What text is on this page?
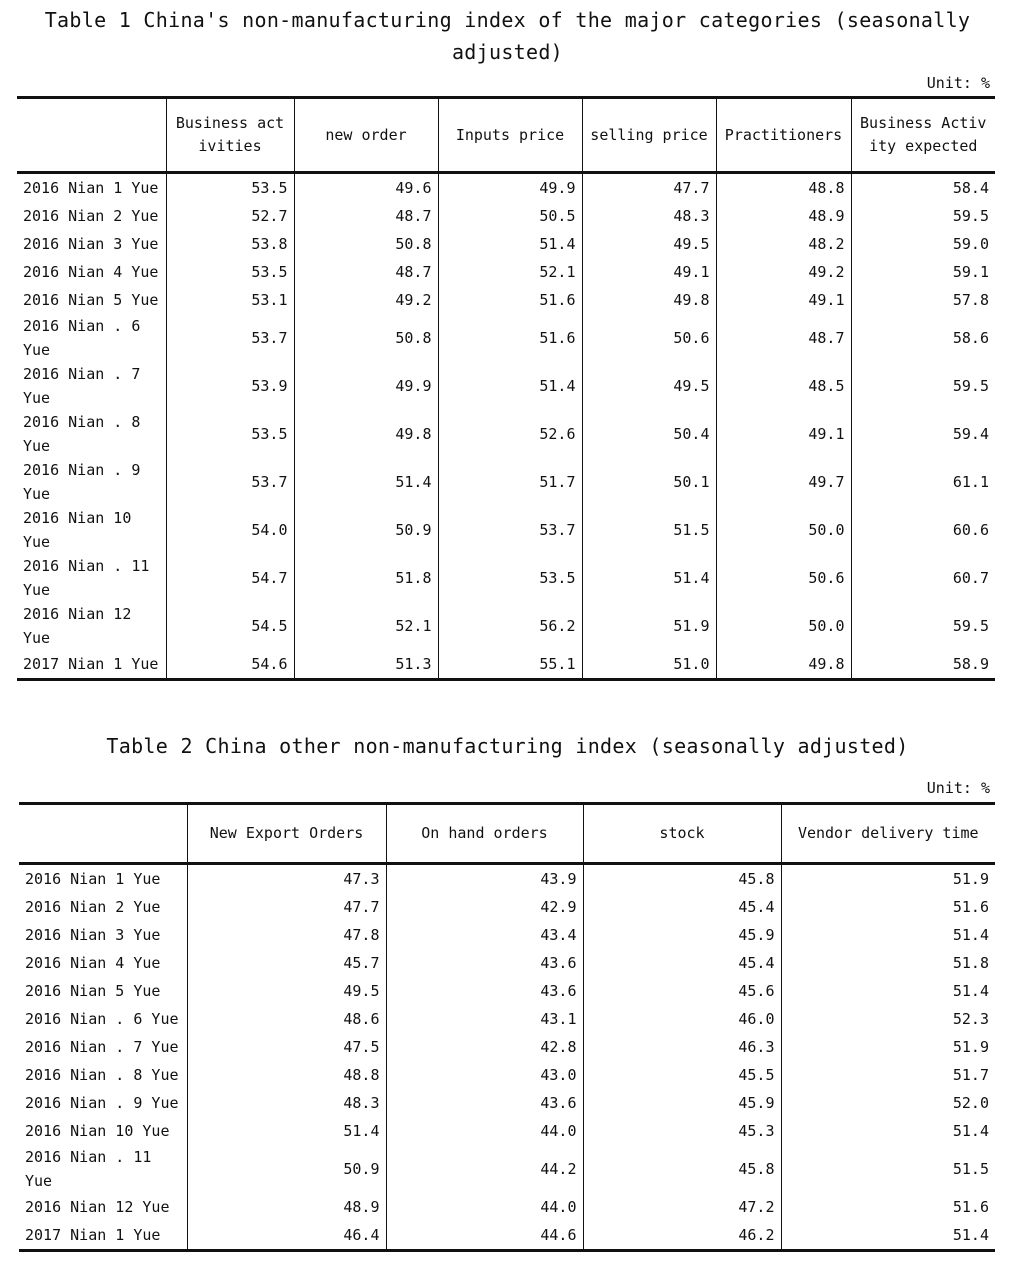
Table 1 China's non-manufacturing index of the major categories (seasonally adjusted)
Unit: %
	Business activities	new order	Inputs price	selling price	Practitioners	Business Activity expected
2016 Nian 1 Yue	53.5	49.6	49.9	47.7	48.8	58.4
2016 Nian 2 Yue	52.7	48.7	50.5	48.3	48.9	59.5
2016 Nian 3 Yue	53.8	50.8	51.4	49.5	48.2	59.0
2016 Nian 4 Yue	53.5	48.7	52.1	49.1	49.2	59.1
2016 Nian 5 Yue	53.1	49.2	51.6	49.8	49.1	57.8
2016 Nian . 6 Yue	53.7	50.8	51.6	50.6	48.7	58.6
2016 Nian . 7 Yue	53.9	49.9	51.4	49.5	48.5	59.5
2016 Nian . 8 Yue	53.5	49.8	52.6	50.4	49.1	59.4
2016 Nian . 9 Yue	53.7	51.4	51.7	50.1	49.7	61.1
2016 Nian 10 Yue	54.0	50.9	53.7	51.5	50.0	60.6
2016 Nian . 11 Yue	54.7	51.8	53.5	51.4	50.6	60.7
2016 Nian 12 Yue	54.5	52.1	56.2	51.9	50.0	59.5
2017 Nian 1 Yue	54.6	51.3	55.1	51.0	49.8	58.9
Table 2 China other non-manufacturing index (seasonally adjusted)
Unit: %
	New Export Orders	On hand orders	stock	Vendor delivery time
2016 Nian 1 Yue	47.3	43.9	45.8	51.9
2016 Nian 2 Yue	47.7	42.9	45.4	51.6
2016 Nian 3 Yue	47.8	43.4	45.9	51.4
2016 Nian 4 Yue	45.7	43.6	45.4	51.8
2016 Nian 5 Yue	49.5	43.6	45.6	51.4
2016 Nian . 6 Yue	48.6	43.1	46.0	52.3
2016 Nian . 7 Yue	47.5	42.8	46.3	51.9
2016 Nian . 8 Yue	48.8	43.0	45.5	51.7
2016 Nian . 9 Yue	48.3	43.6	45.9	52.0
2016 Nian 10 Yue	51.4	44.0	45.3	51.4
2016 Nian . 11 Yue	50.9	44.2	45.8	51.5
2016 Nian 12 Yue	48.9	44.0	47.2	51.6
2017 Nian 1 Yue	46.4	44.6	46.2	51.4
